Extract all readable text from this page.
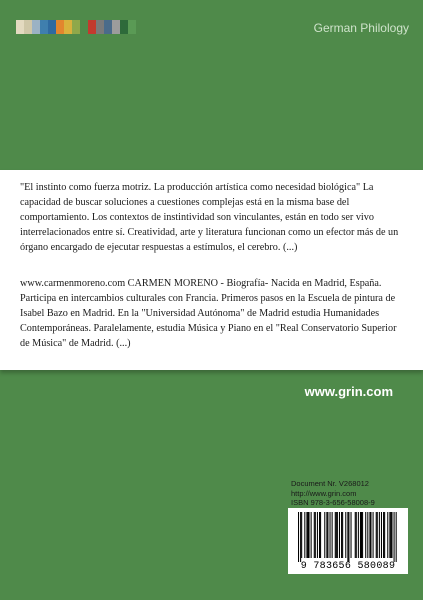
German Philology

"El instinto como fuerza motriz. La producción artística como necesidad biológica" La capacidad de buscar soluciones a cuestiones complejas está en la misma base del comportamiento. Los contextos de instintividad son vinculantes, están en todo ser vivo interrelacionados entre sí. Creatividad, arte y literatura funcionan como un efector más de un órgano encargado de ejecutar respuestas a estímulos, el cerebro. (...)

www.carmenmoreno.com CARMEN MORENO - Biografía- Nacida en Madrid, España. Participa en intercambios culturales con Francia. Primeros pasos en la Escuela de pintura de Isabel Bazo en Madrid. En la "Universidad Autónoma" de Madrid estudia Humanidades Contemporáneas. Paralelamente, estudia Música y Piano en el "Real Conservatorio Superior de Música" de Madrid. (...)

www.grin.com
Document Nr. V268012
http://www.grin.com
ISBN 978-3-656-58008-9
9 783656 580089
